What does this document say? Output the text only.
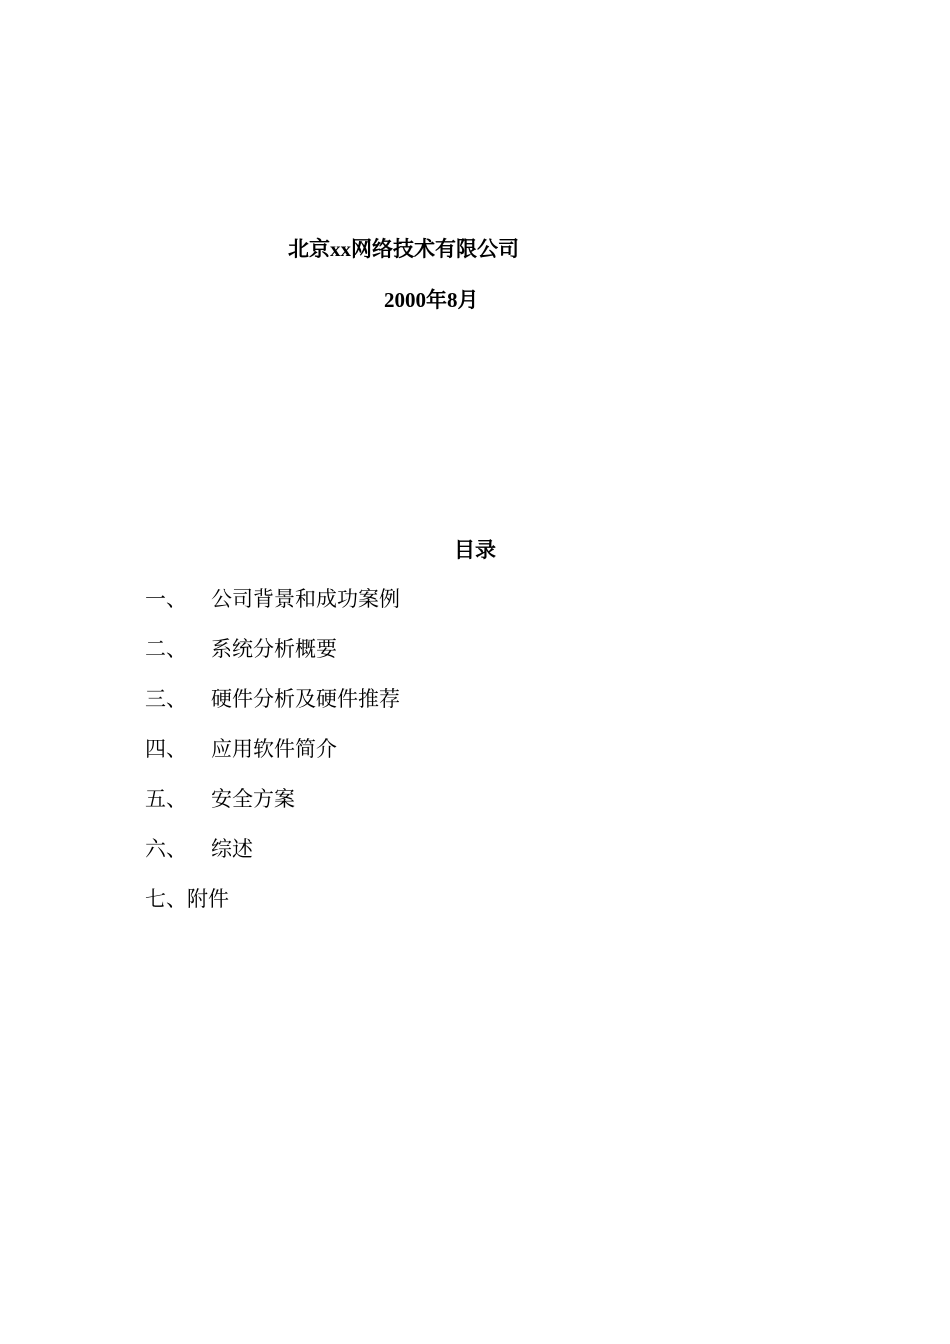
北京xx网络技术有限公司
2000年8月
目录
一、	公司背景和成功案例
二、	系统分析概要
三、	硬件分析及硬件推荐
四、	应用软件简介
五、	安全方案
六、	综述
七、 附件
